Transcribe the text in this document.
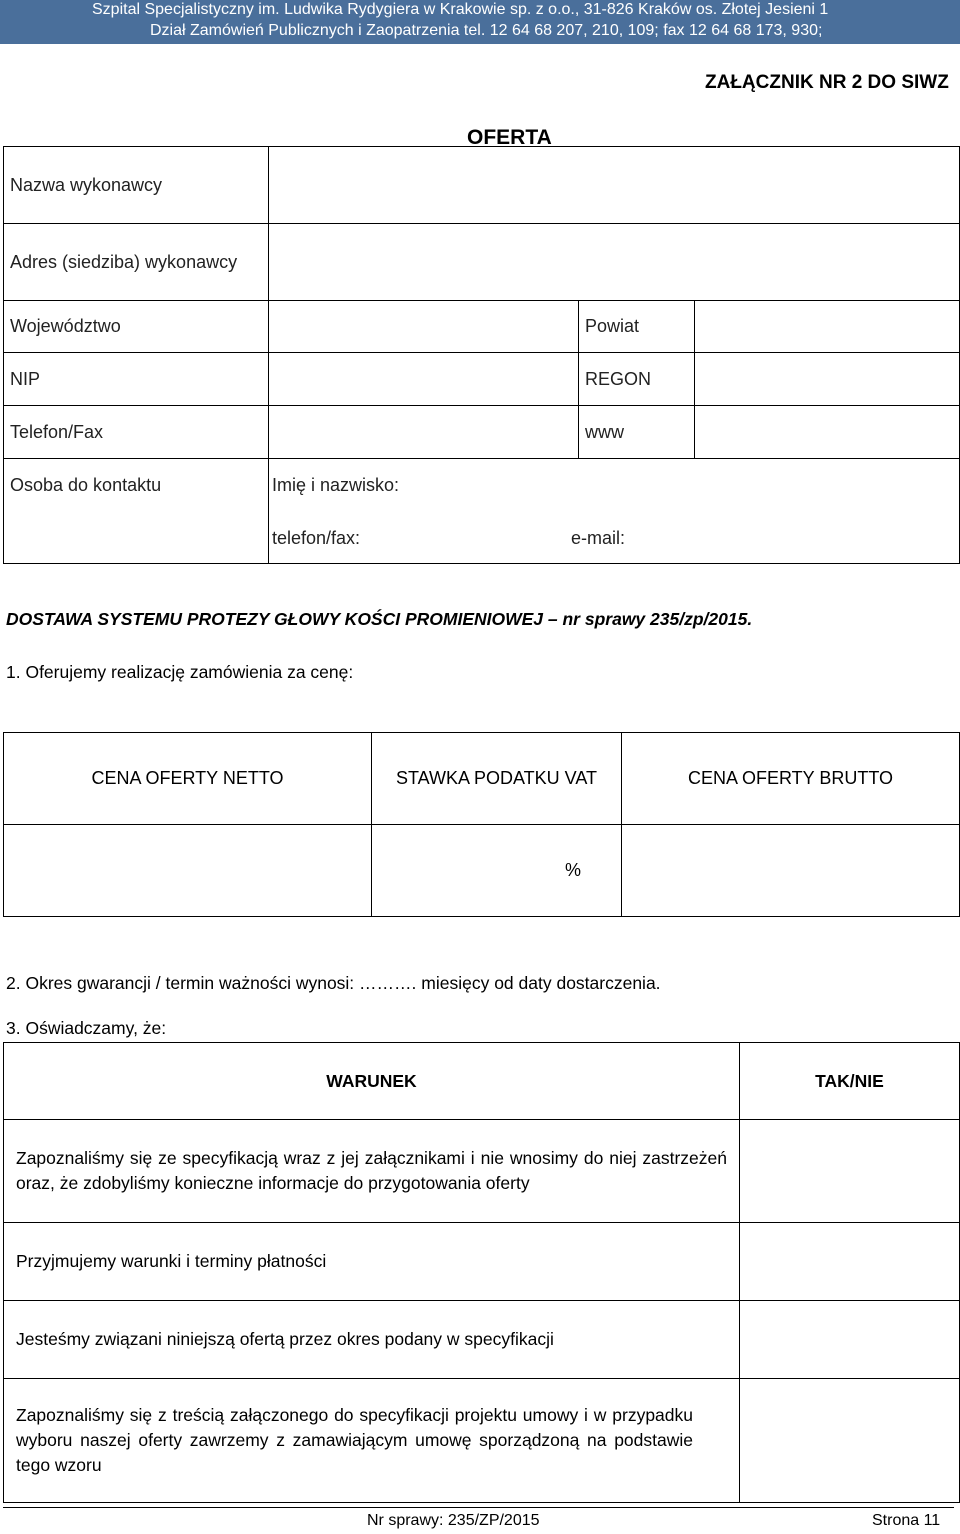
Szpital Specjalistyczny im. Ludwika Rydygiera w Krakowie sp. z o.o., 31-826 Kraków os. Złotej Jesieni 1
Dział Zamówień Publicznych i Zaopatrzenia tel. 12 64 68 207, 210, 109; fax 12 64 68 173, 930;
ZAŁĄCZNIK NR 2 DO SIWZ
OFERTA
Nazwa wykonawcy			
Adres (siedziba) wykonawcy			
Województwo		Powiat	
NIP		REGON	
Telefon/Fax		www	
Osoba do kontaktu	Imię i nazwisko:
telefon/fax: e-mail:		
DOSTAWA SYSTEMU PROTEZY GŁOWY KOŚCI PROMIENIOWEJ – nr sprawy 235/zp/2015.
1. Oferujemy realizację zamówienia za cenę:
CENA OFERTY NETTO	STAWKA PODATKU VAT	CENA OFERTY BRUTTO
	%	
2. Okres gwarancji / termin ważności wynosi: ………. miesięcy od daty dostarczenia.
3. Oświadczamy, że:
WARUNEK	TAK/NIE
Zapoznaliśmy się ze specyfikacją wraz z jej załącznikami i nie wnosimy do niej zastrzeżeń oraz, że zdobyliśmy konieczne informacje do przygotowania oferty	
Przyjmujemy warunki i terminy płatności	
Jesteśmy związani niniejszą ofertą przez okres podany w specyfikacji	

Zapoznaliśmy się z treścią załączonego do specyfikacji projektu umowy i w przypadku wyboru naszej oferty zawrzemy z zamawiającym umowę sporządzoną na podstawie tego wzoru	

Nr sprawy: 235/ZP/2015	Strona 11
